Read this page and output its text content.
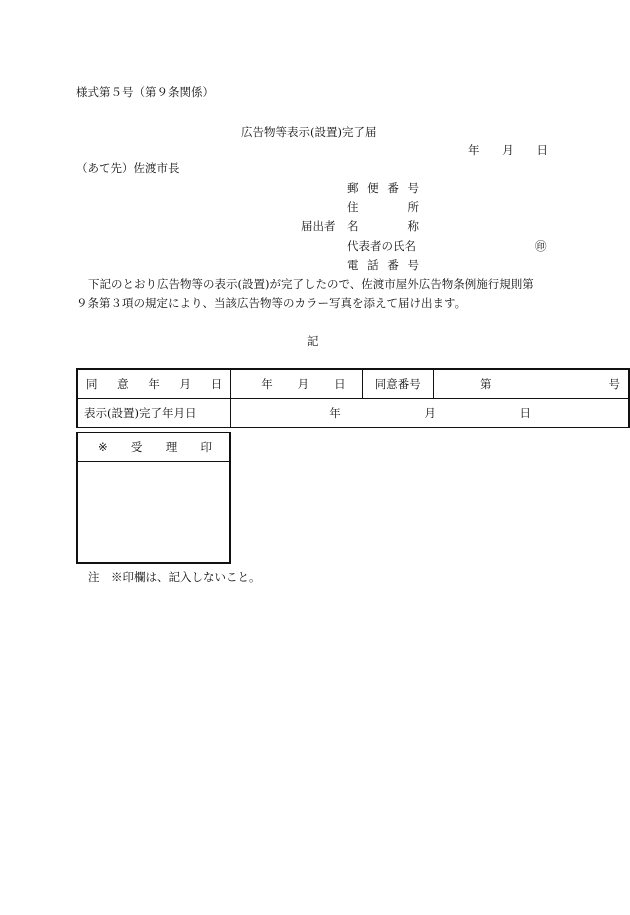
様式第５号（第９条関係）
広告物等表示(設置)完了届
年 月 日
（あて先）佐渡市長
郵 便 番 号
住	所
届出者 名	称
代表者の氏名	㊞
電 話 番 号
下記のとおり広告物等の表示(設置)が完了したので、佐渡市屋外広告物条例施行規則第
９条第３項の規定により、当該広告物等のカラー写真を添えて届け出ます。
記
同 意 年 月 日	年 月 日	同意番号	第 号

表示(設置)完了年月日	年 月 日		
※ 受 理 印
注　※印欄は、記入しないこと。
